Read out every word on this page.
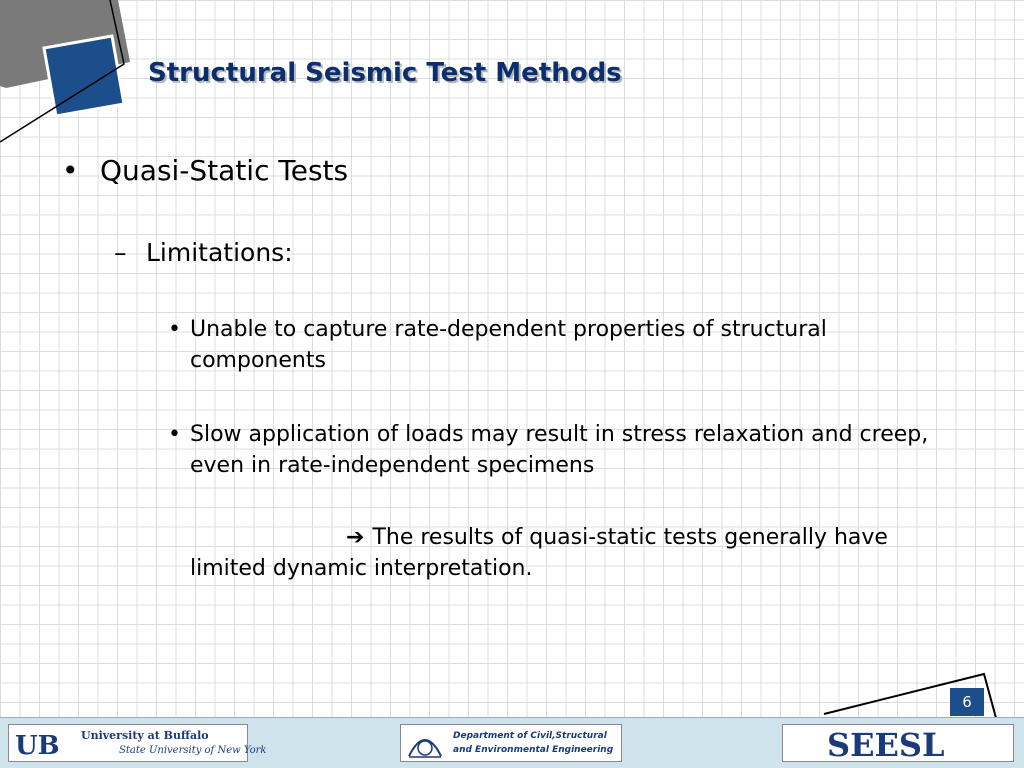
Structural Seismic Test Methods
• Quasi-Static Tests
– Limitations:
• Unable to capture rate-dependent properties of structural components
• Slow application of loads may result in stress relaxation and creep, even in rate-independent specimens
➔ The results of quasi-static tests generally have limited dynamic interpretation.
6
UB University at Buffalo
State University of New York
Department of Civil,Structural
and Environmental Engineering	SEESL
